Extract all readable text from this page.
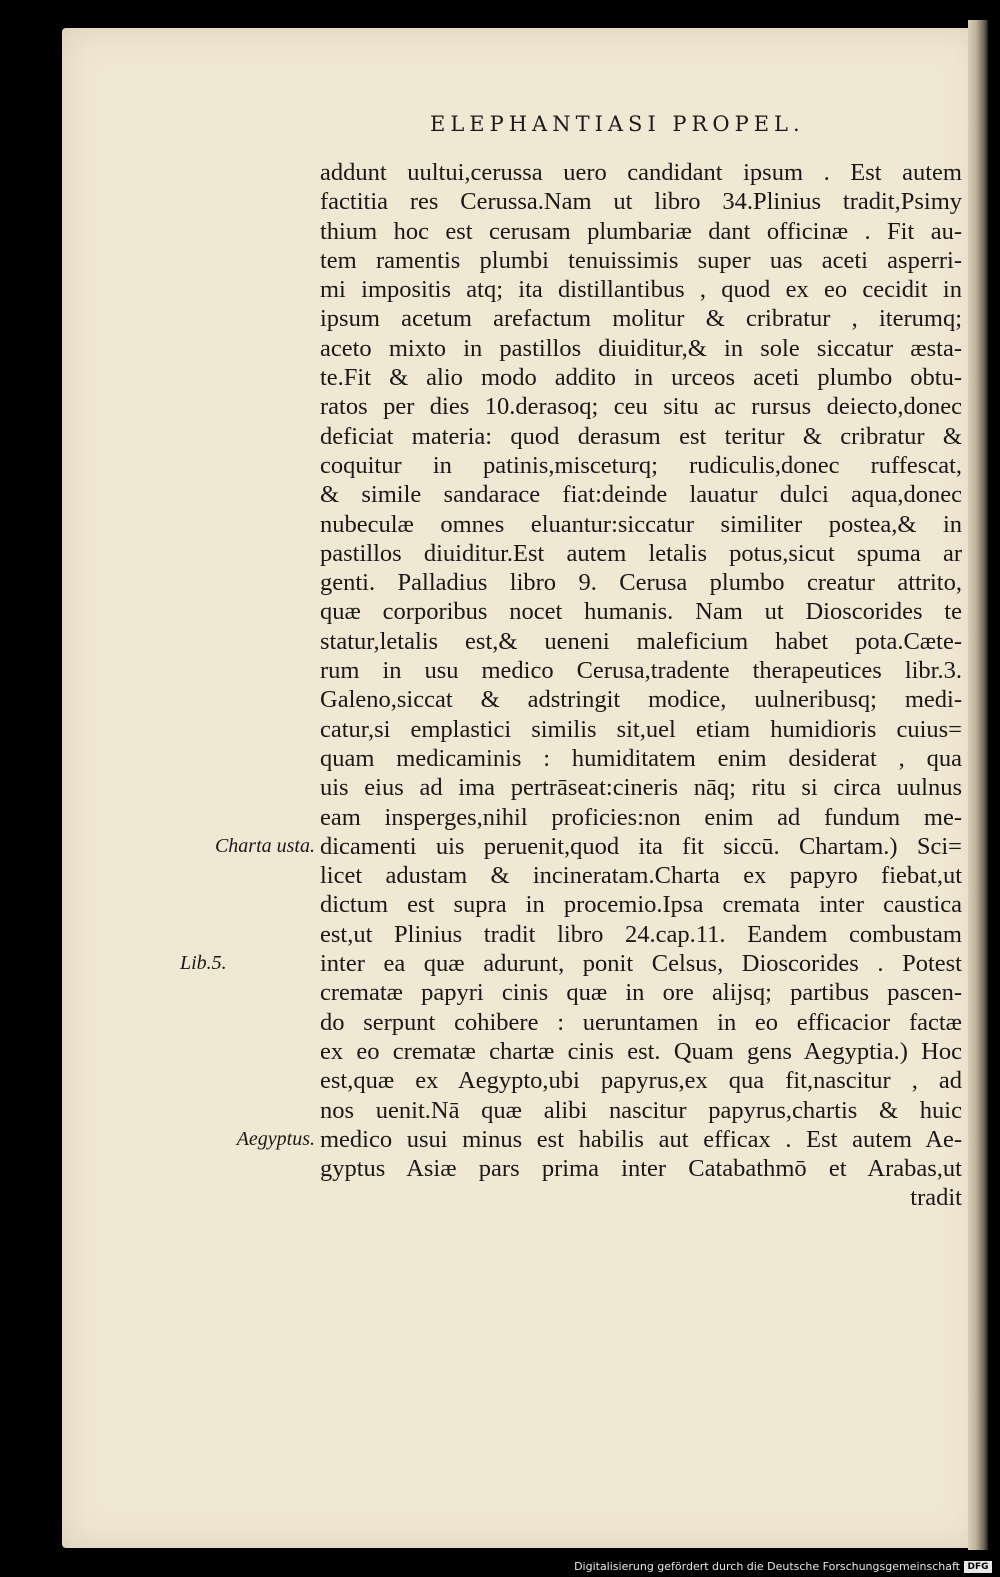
ELEPHANTIASI PROPEL.
addunt uultui,cerussa uero candidant ipsum . Est autem
factitia res Cerussa.Nam ut libro 34.Plinius tradit,Psimy
thium hoc est cerusam plumbariæ dant officinæ . Fit au-
tem ramentis plumbi tenuissimis super uas aceti asperri-
mi impositis atq; ita distillantibus , quod ex eo cecidit in
ipsum acetum arefactum molitur & cribratur , iterumq;
aceto mixto in pastillos diuiditur,& in sole siccatur æsta-
te.Fit & alio modo addito in urceos aceti plumbo obtu-
ratos per dies 10.derasoq; ceu situ ac rursus deiecto,donec
deficiat materia: quod derasum est teritur & cribratur &
coquitur in patinis,misceturq; rudiculis,donec ruffescat,
& simile sandarace fiat:deinde lauatur dulci aqua,donec
nubeculæ omnes eluantur:siccatur similiter postea,& in
pastillos diuiditur.Est autem letalis potus,sicut spuma ar
genti. Palladius libro 9. Cerusa plumbo creatur attrito,
quæ corporibus nocet humanis. Nam ut Dioscorides te
statur,letalis est,& ueneni maleficium habet pota.Cæte-
rum in usu medico Cerusa,tradente therapeutices libr.3.
Galeno,siccat & adstringit modice, uulneribusq; medi-
catur,si emplastici similis sit,uel etiam humidioris cuius=
quam medicaminis : humiditatem enim desiderat , qua
uis eius ad ima pertrāseat:cineris nāq; ritu si circa uulnus
eam insperges,nihil proficies:non enim ad fundum me-
dicamenti uis peruenit,quod ita fit siccū. Chartam.) Sci=
licet adustam & incineratam.Charta ex papyro fiebat,ut
dictum est supra in procemio.Ipsa cremata inter caustica
est,ut Plinius tradit libro 24.cap.11. Eandem combustam
inter ea quæ adurunt, ponit Celsus, Dioscorides . Potest
crematæ papyri cinis quæ in ore alijsq; partibus pascen-
do serpunt cohibere : ueruntamen in eo efficacior factæ
ex eo crematæ chartæ cinis est. Quam gens Aegyptia.) Hoc
est,quæ ex Aegypto,ubi papyrus,ex qua fit,nascitur , ad
nos uenit.Nā quæ alibi nascitur papyrus,chartis & huic
medico usui minus est habilis aut efficax . Est autem Ae-
gyptus Asiæ pars prima inter Catabathmō et Arabas,ut
tradit
Charta usta.
Lib.5.
Aegyptus.
Digitalisierung gefördert durch die Deutsche Forschungsgemeinschaft DFG
